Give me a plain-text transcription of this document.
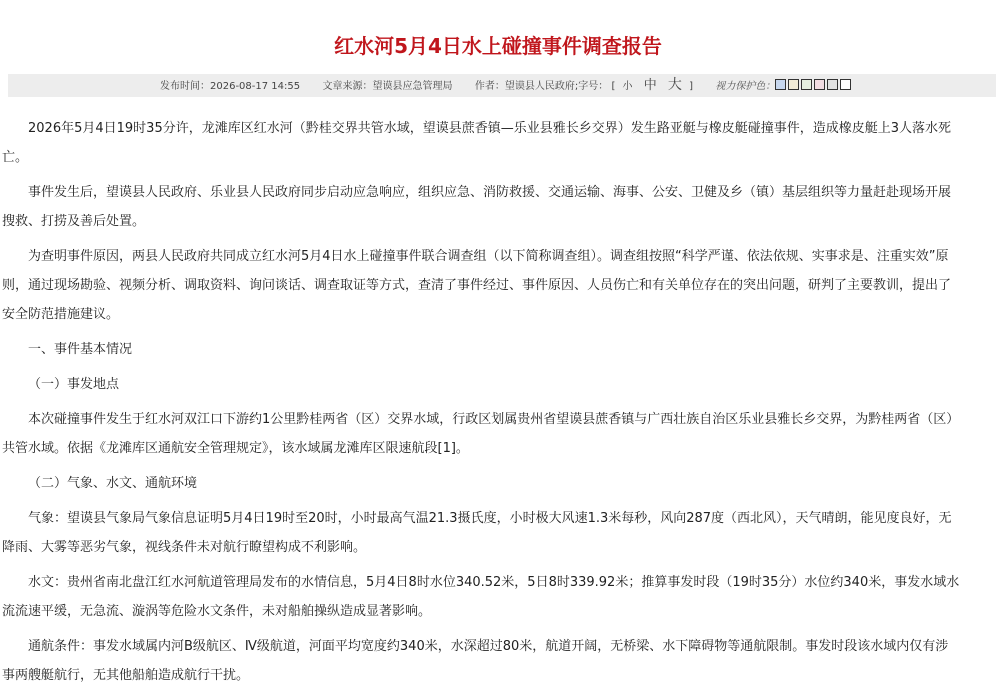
红水河5月4日水上碰撞事件调查报告
发布时间：2026-08-17 14:55 文章来源：望谟县应急管理局 作者：望谟县人民政府;字号： [ 小 中 大 ] 视力保护色：

2026年5月4日19时35分许，龙滩库区红水河（黔桂交界共管水域，望谟县蔗香镇—乐业县雅长乡交界）发生路亚艇与橡皮艇碰撞事件，造成橡皮艇上3人落水死亡。

事件发生后，望谟县人民政府、乐业县人民政府同步启动应急响应，组织应急、消防救援、交通运输、海事、公安、卫健及乡（镇）基层组织等力量赶赴现场开展搜救、打捞及善后处置。

为查明事件原因，两县人民政府共同成立红水河5月4日水上碰撞事件联合调查组（以下简称调查组）。调查组按照“科学严谨、依法依规、实事求是、注重实效”原则，通过现场勘验、视频分析、调取资料、询问谈话、调查取证等方式，查清了事件经过、事件原因、人员伤亡和有关单位存在的突出问题，研判了主要教训，提出了安全防范措施建议。

一、事件基本情况

（一）事发地点

本次碰撞事件发生于红水河双江口下游约1公里黔桂两省（区）交界水域，行政区划属贵州省望谟县蔗香镇与广西壮族自治区乐业县雅长乡交界，为黔桂两省（区）共管水域。依据《龙滩库区通航安全管理规定》，该水域属龙滩库区限速航段[1]。

（二）气象、水文、通航环境

气象：望谟县气象局气象信息证明5月4日19时至20时，小时最高气温21.3摄氏度，小时极大风速1.3米每秒，风向287度（西北风），天气晴朗，能见度良好，无降雨、大雾等恶劣气象，视线条件未对航行瞭望构成不利影响。

水文：贵州省南北盘江红水河航道管理局发布的水情信息，5月4日8时水位340.52米，5日8时339.92米；推算事发时段（19时35分）水位约340米，事发水域水流流速平缓，无急流、漩涡等危险水文条件，未对船舶操纵造成显著影响。

通航条件：事发水域属内河B级航区、Ⅳ级航道，河面平均宽度约340米，水深超过80米，航道开阔，无桥梁、水下障碍物等通航限制。事发时段该水域内仅有涉事两艘艇航行，无其他船舶造成航行干扰。
